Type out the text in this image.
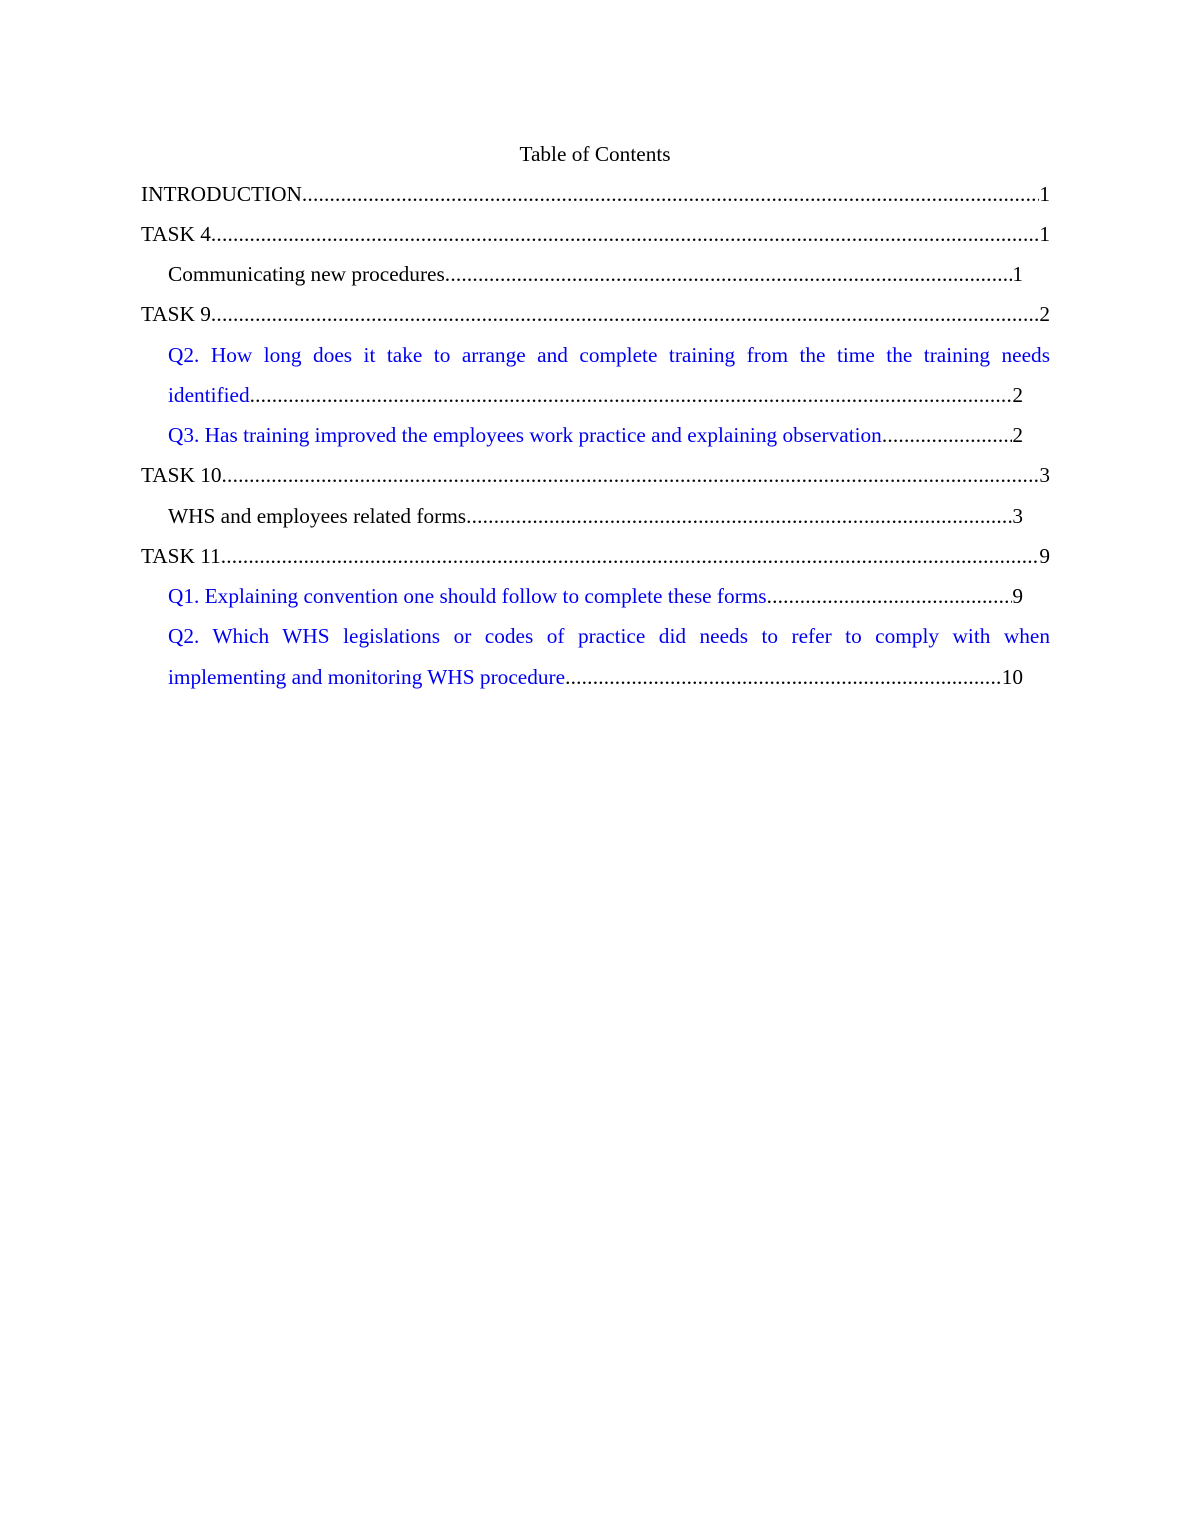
Table of Contents
INTRODUCTION .....	1
TASK 4 .....	1
Communicating new procedures .....	1
TASK 9 .....	2
Q2. How long does it take to arrange and complete training from the time the training needs
identified .....	2
Q3. Has training improved the employees work practice and explaining observation .....	2
TASK 10 .....	3
WHS and employees related forms .....	3
TASK 11 .....	9
Q1. Explaining convention one should follow to complete these forms .....	9
Q2. Which WHS legislations or codes of practice did needs to refer to comply with when
implementing and monitoring WHS procedure .....	10
